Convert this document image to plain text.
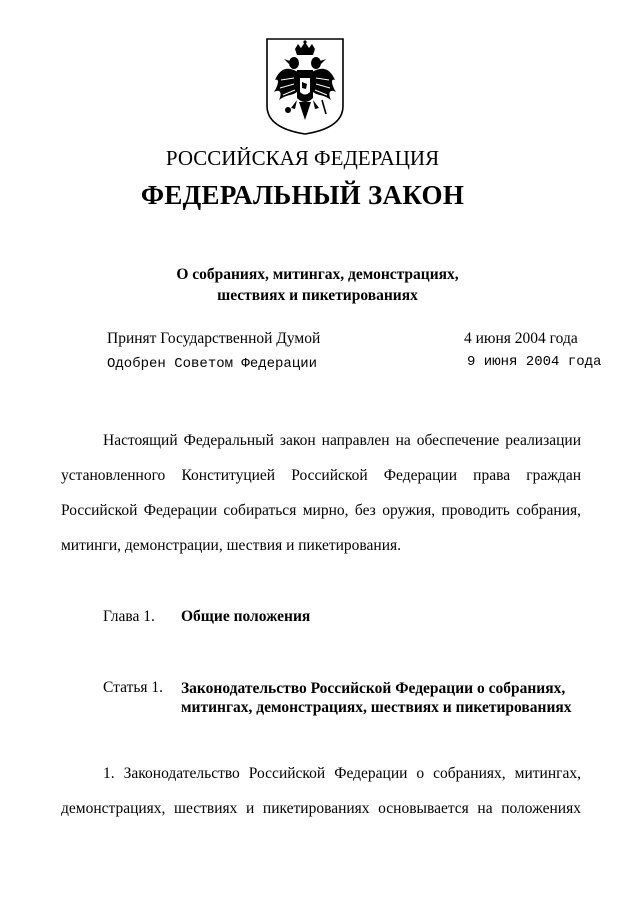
РОССИЙСКАЯ ФЕДЕРАЦИЯ
ФЕДЕРАЛЬНЫЙ ЗАКОН
О собраниях, митингах, демонстрациях,
шествиях и пикетированиях
Принят Государственной Думой	4 июня 2004 года
Одобрен Советом Федерации	9 июня 2004 года
Настоящий Федеральный закон направлен на обеспечение реализации
установленного Конституцией Российской Федерации права граждан
Российской Федерации собираться мирно, без оружия, проводить собрания,
митинги, демонстрации, шествия и пикетирования.
Глава 1. Общие положения
Статья 1. Законодательство Российской Федерации о собраниях,
митингах, демонстрациях, шествиях и пикетированиях
1. Законодательство Российской Федерации о собраниях, митингах,
демонстрациях, шествиях и пикетированиях основывается на положениях
